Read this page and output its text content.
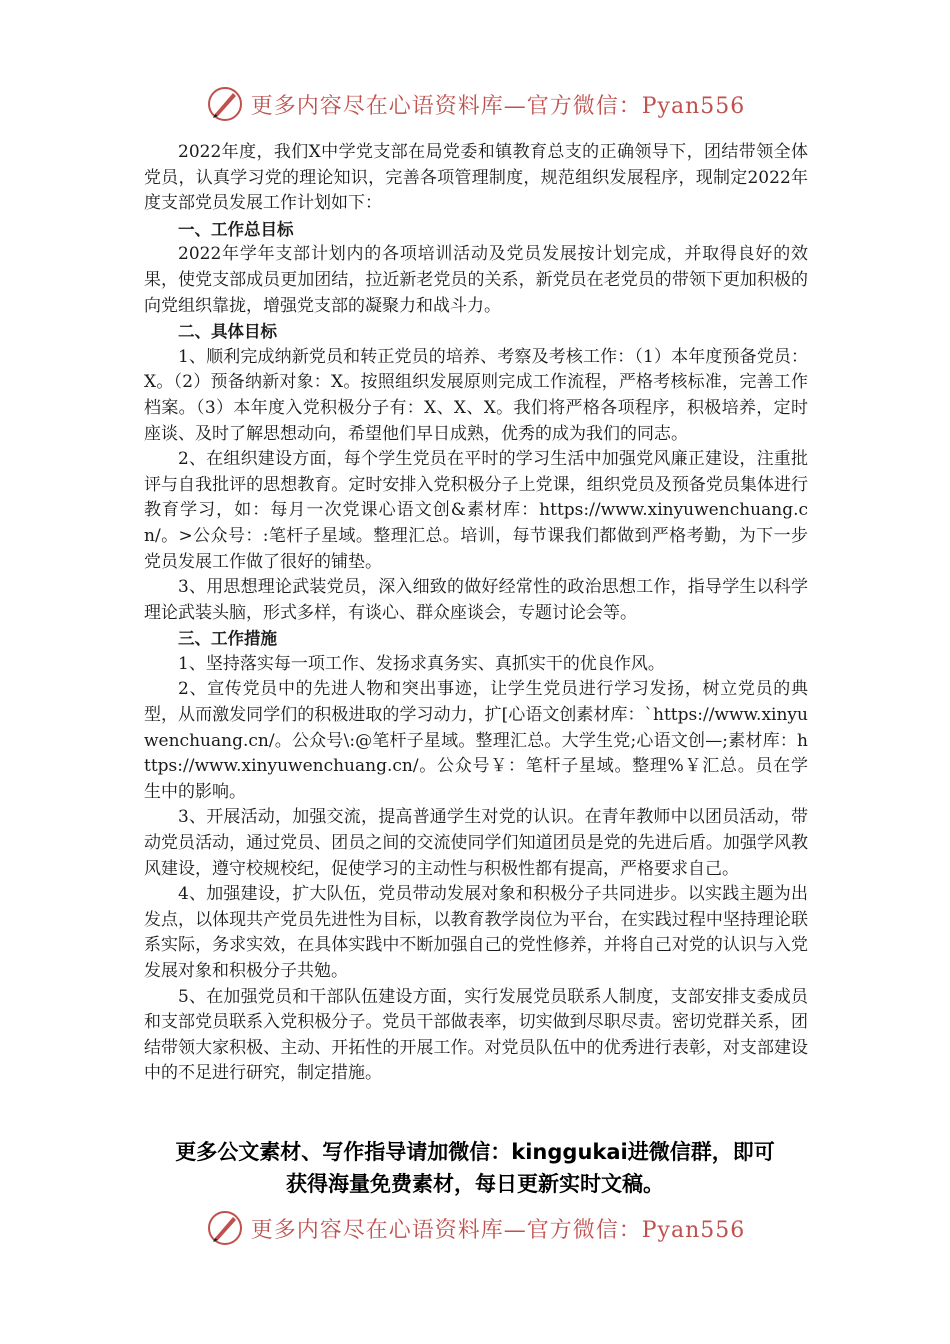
更多内容尽在心语资料库—官方微信：Pyan556

2022年度，我们X中学党支部在局党委和镇教育总支的正确领导下，团结带领全体党员，认真学习党的理论知识，完善各项管理制度，规范组织发展程序，现制定2022年度支部党员发展工作计划如下：

一、工作总目标

2022年学年支部计划内的各项培训活动及党员发展按计划完成，并取得良好的效果，使党支部成员更加团结，拉近新老党员的关系，新党员在老党员的带领下更加积极的向党组织靠拢，增强党支部的凝聚力和战斗力。

二、具体目标

1、顺利完成纳新党员和转正党员的培养、考察及考核工作：（1）本年度预备党员：X。（2）预备纳新对象：X。按照组织发展原则完成工作流程，严格考核标准，完善工作档案。（3）本年度入党积极分子有：X、X、X。我们将严格各项程序，积极培养，定时座谈、及时了解思想动向，希望他们早日成熟，优秀的成为我们的同志。

2、在组织建设方面，每个学生党员在平时的学习生活中加强党风廉正建设，注重批评与自我批评的思想教育。定时安排入党积极分子上党课，组织党员及预备党员集体进行教育学习，如：每月一次党课心语文创&素材库：https://www.xinyuwenchuang.cn/。>公众号：:笔杆子星域。整理汇总。培训，每节课我们都做到严格考勤，为下一步党员发展工作做了很好的铺垫。

3、用思想理论武装党员，深入细致的做好经常性的政治思想工作，指导学生以科学理论武装头脑，形式多样，有谈心、群众座谈会，专题讨论会等。

三、工作措施

1、坚持落实每一项工作、发扬求真务实、真抓实干的优良作风。

2、宣传党员中的先进人物和突出事迹，让学生党员进行学习发扬，树立党员的典型，从而激发同学们的积极进取的学习动力，扩[心语文创素材库：`https://www.xinyuwenchuang.cn/。公众号\:@笔杆子星域。整理汇总。大学生党;心语文创—;素材库：https://www.xinyuwenchuang.cn/。公众号￥：笔杆子星域。整理%￥汇总。员在学生中的影响。

3、开展活动，加强交流，提高普通学生对党的认识。在青年教师中以团员活动，带动党员活动，通过党员、团员之间的交流使同学们知道团员是党的先进后盾。加强学风教风建设，遵守校规校纪，促使学习的主动性与积极性都有提高，严格要求自己。

4、加强建设，扩大队伍，党员带动发展对象和积极分子共同进步。以实践主题为出发点，以体现共产党员先进性为目标，以教育教学岗位为平台，在实践过程中坚持理论联系实际，务求实效，在具体实践中不断加强自己的党性修养，并将自己对党的认识与入党发展对象和积极分子共勉。

5、在加强党员和干部队伍建设方面，实行发展党员联系人制度，支部安排支委成员和支部党员联系入党积极分子。党员干部做表率，切实做到尽职尽责。密切党群关系，团结带领大家积极、主动、开拓性的开展工作。对党员队伍中的优秀进行表彰，对支部建设中的不足进行研究，制定措施。

更多公文素材、写作指导请加微信：kinggukai进微信群，即可
获得海量免费素材，每日更新实时文稿。
更多内容尽在心语资料库—官方微信：Pyan556
